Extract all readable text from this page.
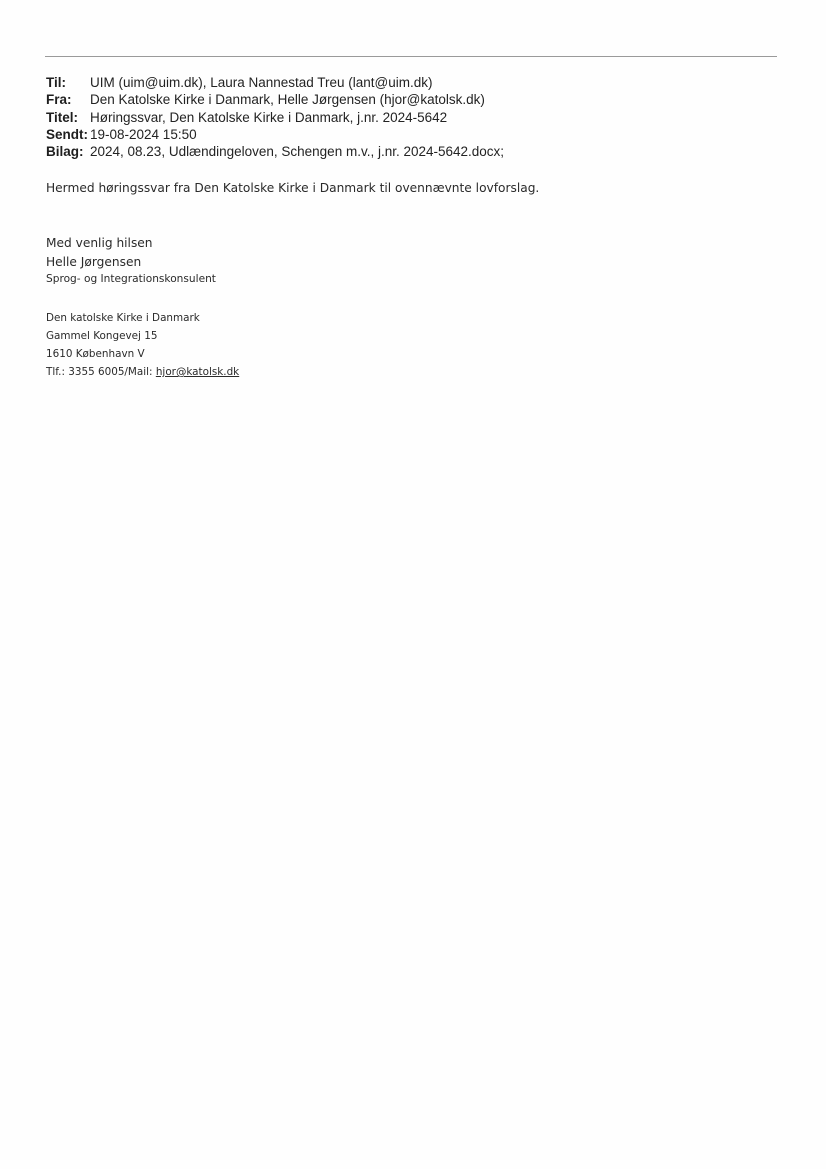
Til:	UIM (uim@uim.dk), Laura Nannestad Treu (lant@uim.dk)
Fra:	Den Katolske Kirke i Danmark, Helle Jørgensen (hjor@katolsk.dk)
Titel: Høringssvar, Den Katolske Kirke i Danmark, j.nr. 2024-5642
Sendt: 19-08-2024 15:50
Bilag: 2024, 08.23, Udlændingeloven, Schengen m.v., j.nr. 2024-5642.docx;
Hermed høringssvar fra Den Katolske Kirke i Danmark til ovennævnte lovforslag.
Med venlig hilsen
Helle Jørgensen
Sprog- og Integrationskonsulent
Den katolske Kirke i Danmark
Gammel Kongevej 15
1610 København V
Tlf.: 3355 6005/Mail: hjor@katolsk.dk
